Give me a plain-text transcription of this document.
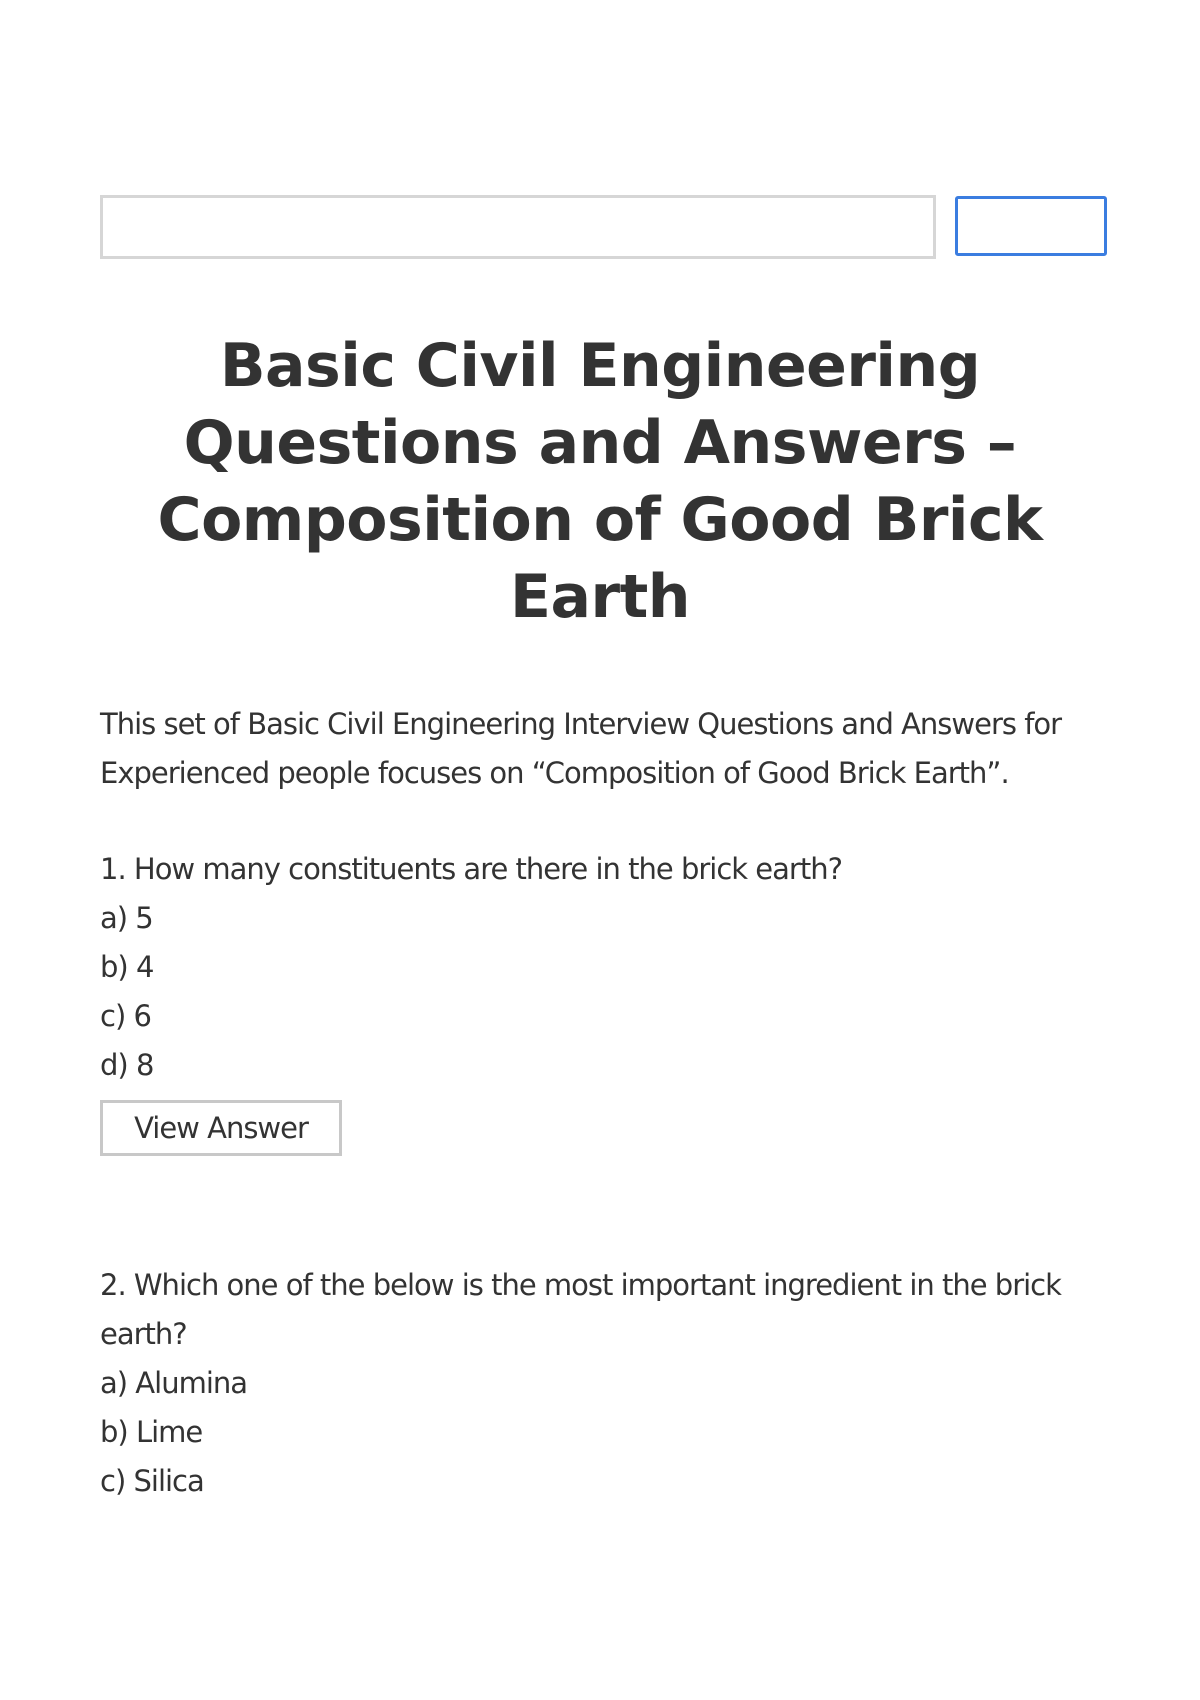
Basic Civil Engineering Questions and Answers – Composition of Good Brick Earth

This set of Basic Civil Engineering Interview Questions and Answers for Experienced people focuses on “Composition of Good Brick Earth”.

1. How many constituents are there in the brick earth?

a) 5
b) 4
c) 6
d) 8
View Answer

2. Which one of the below is the most important ingredient in the brick earth?

a) Alumina
b) Lime
c) Silica
